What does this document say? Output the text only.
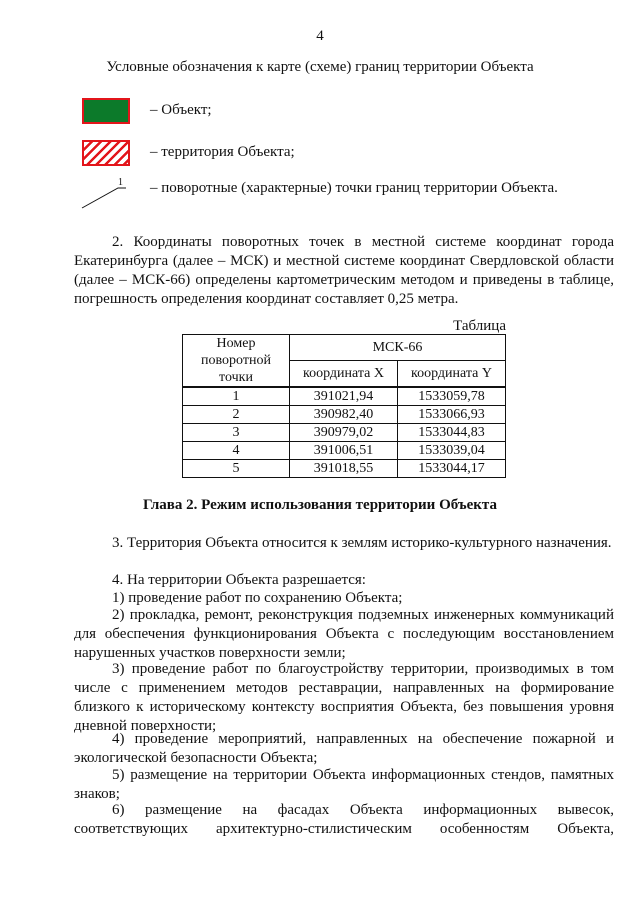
4
Условные обозначения к карте (схеме) границ территории Объекта
– Объект;
– территория Объекта;
1 – поворотные (характерные) точки границ территории Объекта.
2. Координаты поворотных точек в местной системе координат города Екатеринбурга (далее – МСК) и местной системе координат Свердловской области (далее – МСК-66) определены картометрическим методом и приведены в таблице, погрешность определения координат составляет 0,25 метра.
Таблица
Номер поворотной точки	МСК-66	
	координата X	координата Y
1	391021,94	1533059,78
2	390982,40	1533066,93
3	390979,02	1533044,83
4	391006,51	1533039,04
5	391018,55	1533044,17
Глава 2. Режим использования территории Объекта
3. Территория Объекта относится к землям историко-культурного назначения.
4. На территории Объекта разрешается:
1) проведение работ по сохранению Объекта;
2) прокладка, ремонт, реконструкция подземных инженерных коммуникаций для обеспечения функционирования Объекта с последующим восстановлением нарушенных участков поверхности земли;
3) проведение работ по благоустройству территории, производимых в том числе с применением методов реставрации, направленных на формирование близкого к историческому контексту восприятия Объекта, без повышения уровня дневной поверхности;
4) проведение мероприятий, направленных на обеспечение пожарной и экологической безопасности Объекта;
5) размещение на территории Объекта информационных стендов, памятных знаков;
6) размещение на фасадах Объекта информационных вывесок, соответствующих архитектурно-стилистическим особенностям Объекта,
